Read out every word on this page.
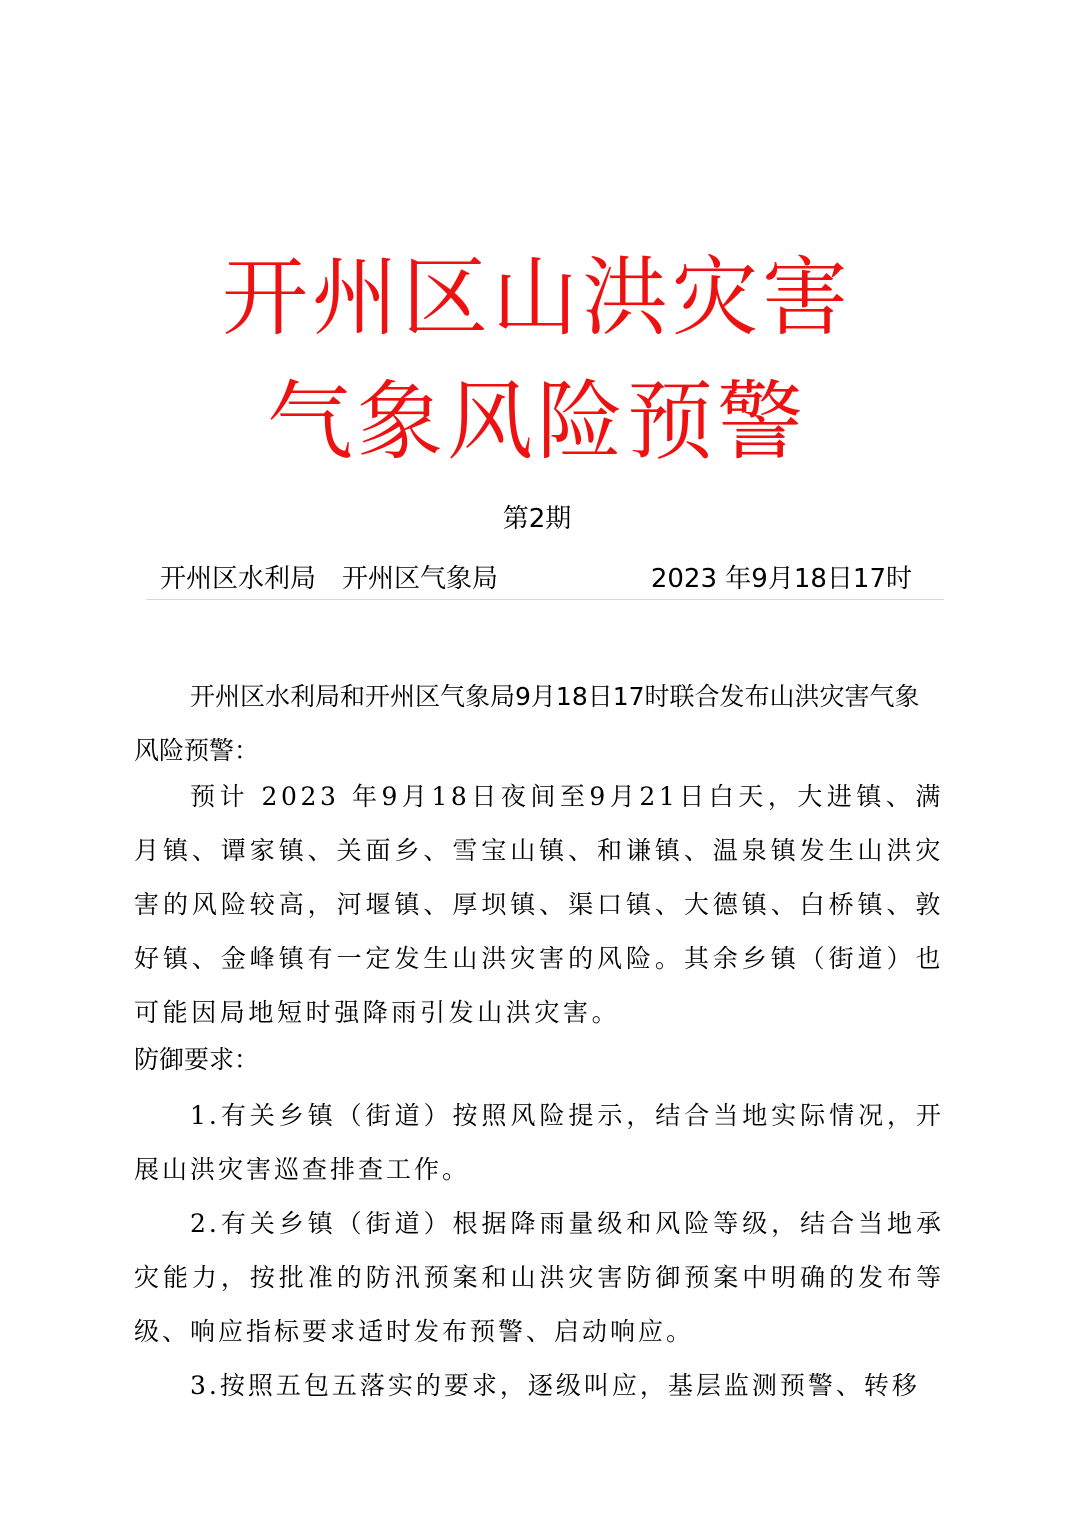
开州区山洪灾害
气象风险预警
第2期
开州区水利局　开州区气象局	2023 年9月18日17时
开州区水利局和开州区气象局9月18日17时联合发布山洪灾害气象风险预警：
预计 2023 年9月18日夜间至9月21日白天，大进镇、满月镇、谭家镇、关面乡、雪宝山镇、和谦镇、温泉镇发生山洪灾害的风险较高，河堰镇、厚坝镇、渠口镇、大德镇、白桥镇、敦好镇、金峰镇有一定发生山洪灾害的风险。其余乡镇（街道）也可能因局地短时强降雨引发山洪灾害。
防御要求：
1.有关乡镇（街道）按照风险提示，结合当地实际情况，开展山洪灾害巡查排查工作。
2.有关乡镇（街道）根据降雨量级和风险等级，结合当地承灾能力，按批准的防汛预案和山洪灾害防御预案中明确的发布等级、响应指标要求适时发布预警、启动响应。
3.按照五包五落实的要求，逐级叫应，基层监测预警、转移
